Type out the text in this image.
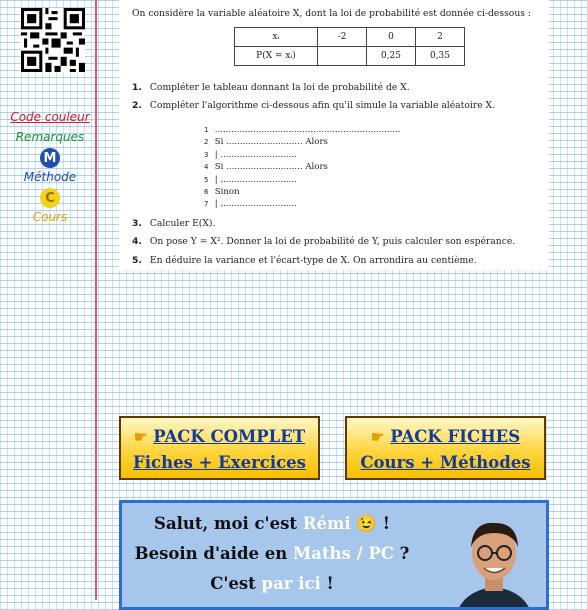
Code couleur
Remarques
M
Méthode
C
Cours
On considère la variable aléatoire X, dont la loi de probabilité est donnée ci-dessous :
xᵢ	-2	0	2
P(X = xᵢ)		0,25	0,35
1. Compléter le tableau donnant la loi de probabilité de X.
2. Compléter l'algorithme ci-dessous afin qu'il simule la variable aléatoire X.
1 ....................................................................
2 Si ............................ Alors
3 | ............................
4 Si ............................ Alors
5 | ............................
6 Sinon
7 | ............................
3. Calculer E(X).
4. On pose Y = X². Donner la loi de probabilité de Y, puis calculer son espérance.
5. En déduire la variance et l'écart-type de X. On arrondira au centième.
☛ PACK COMPLET
Fiches + Exercices
☛ PACK FICHES
Cours + Méthodes
Salut, moi c'est Rémi 😉 !
Besoin d'aide en Maths / PC ?
C'est par ici !
